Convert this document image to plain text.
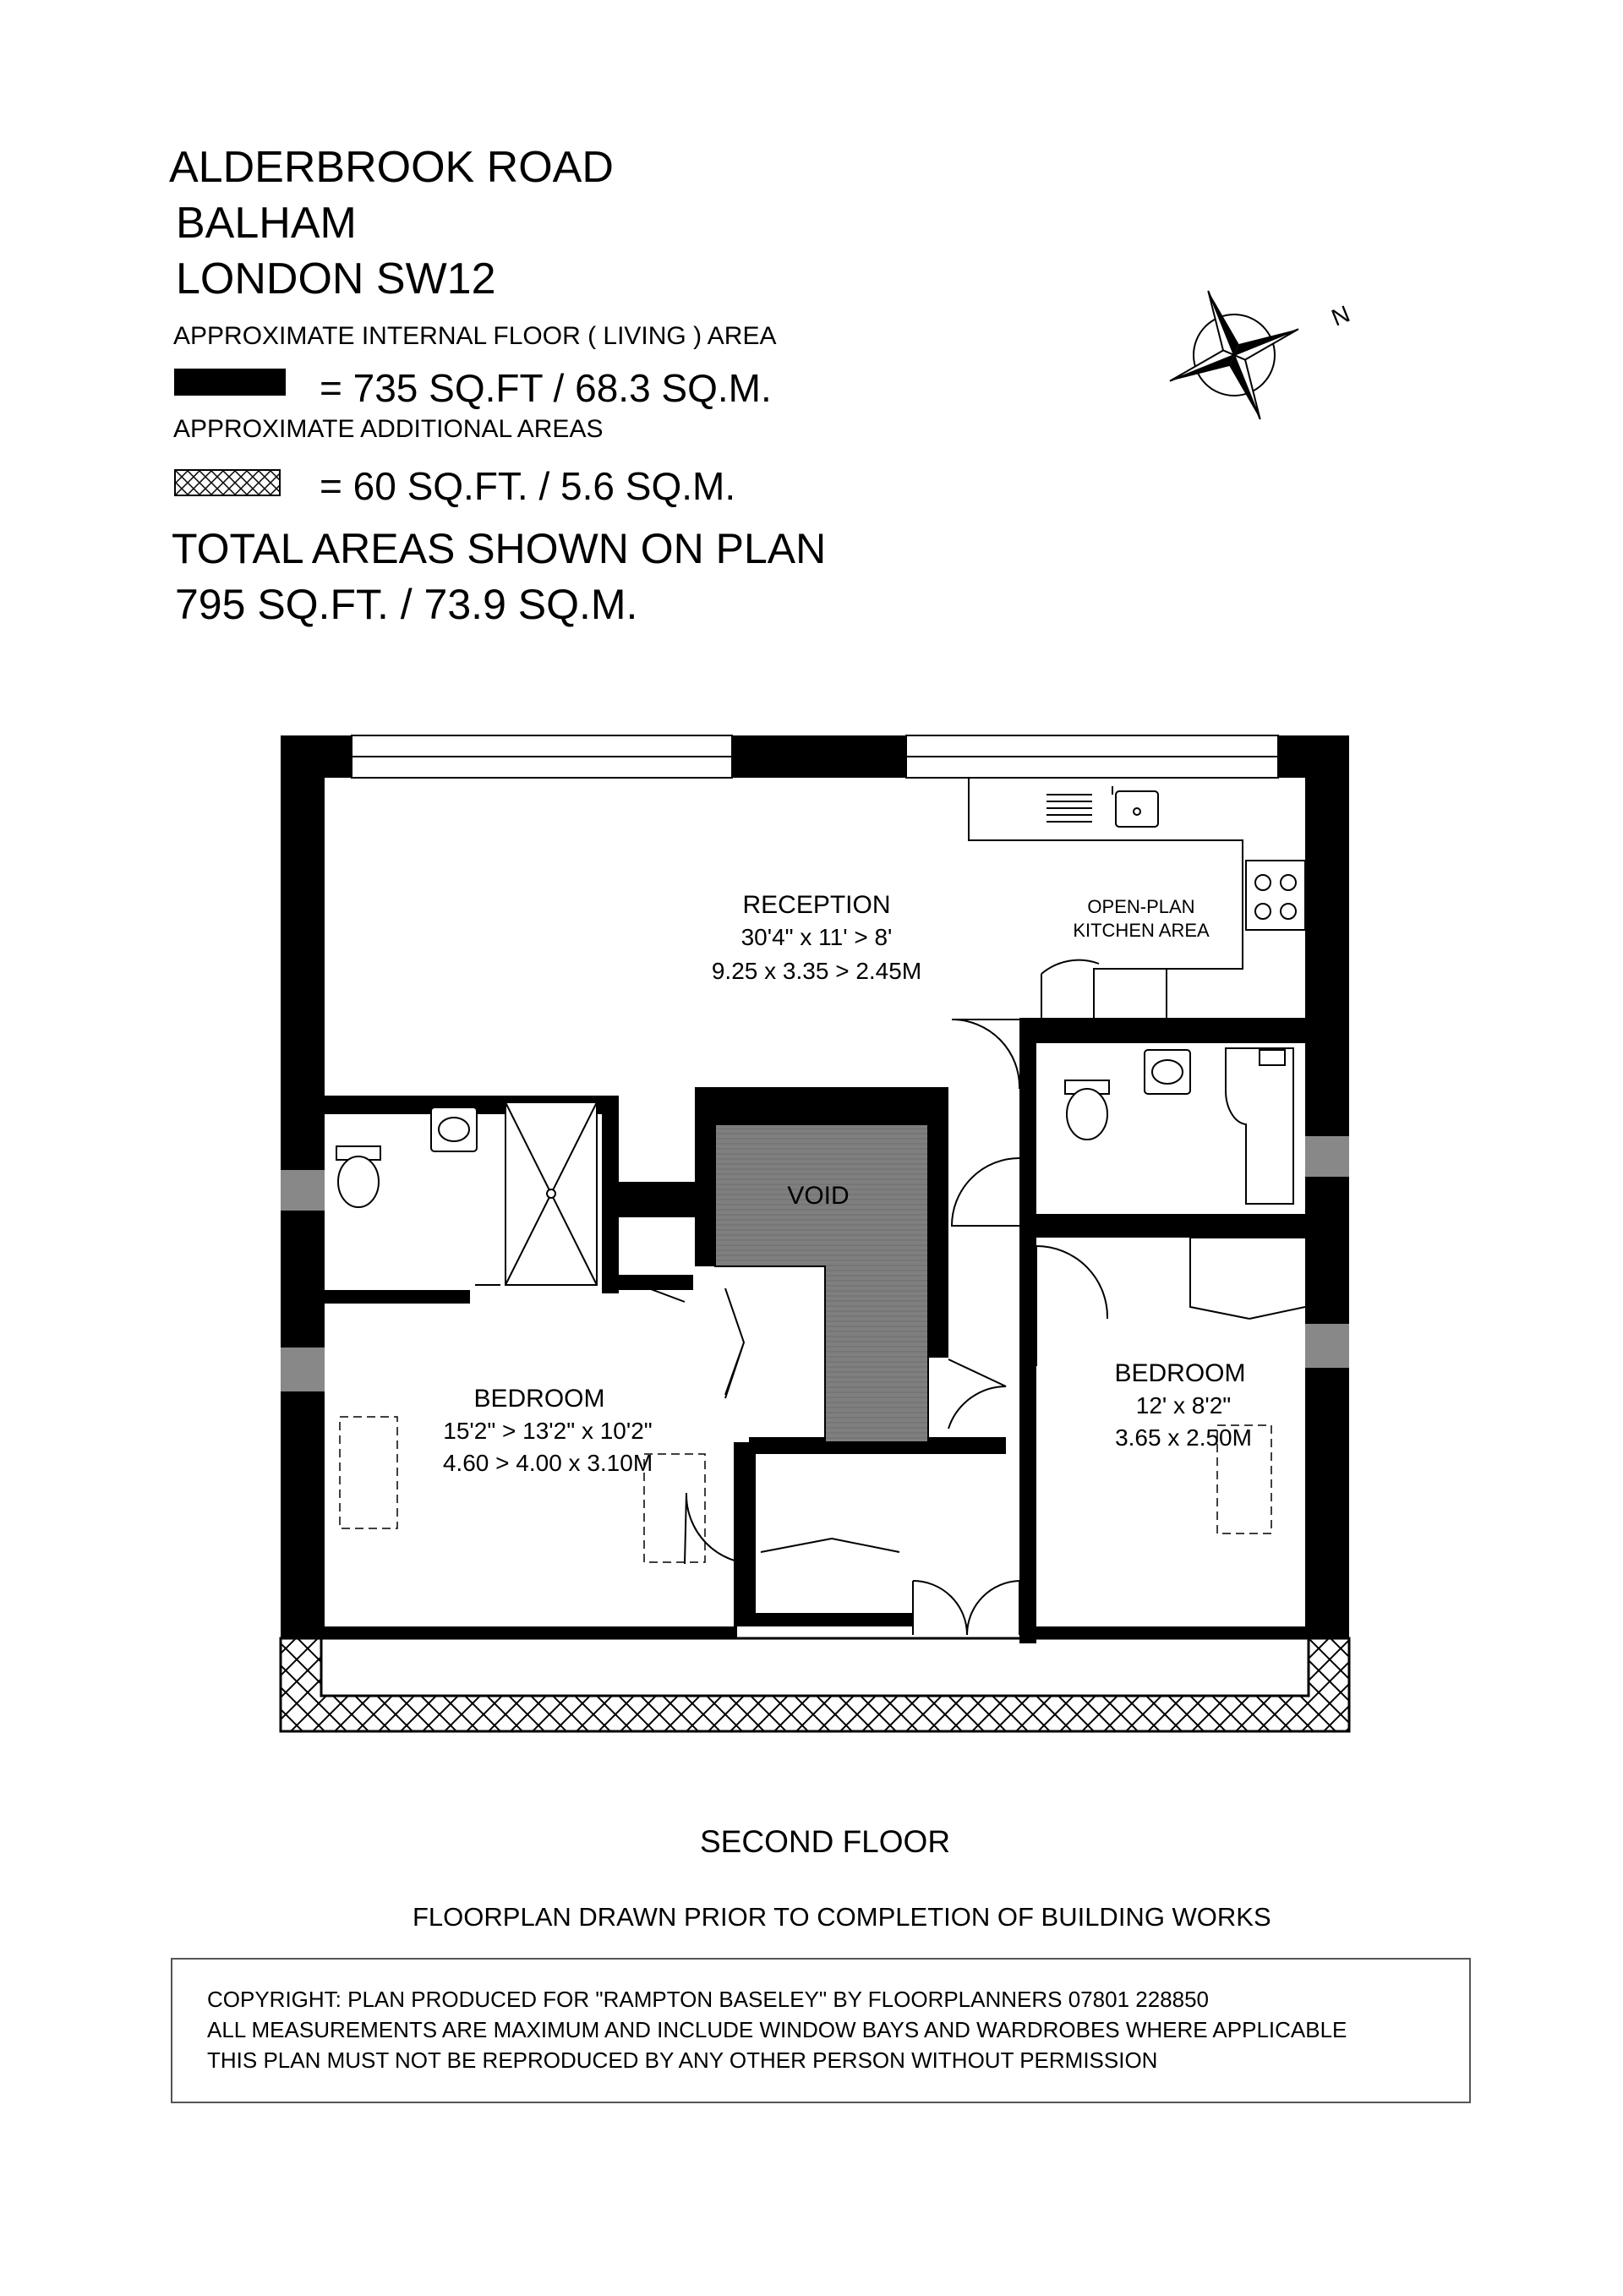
ALDERBROOK ROAD
BALHAM
LONDON SW12
APPROXIMATE INTERNAL FLOOR ( LIVING ) AREA
= 735 SQ.FT / 68.3 SQ.M.
APPROXIMATE ADDITIONAL AREAS
= 60 SQ.FT. / 5.6 SQ.M.
TOTAL AREAS SHOWN ON PLAN
795 SQ.FT. / 73.9 SQ.M.
N
RECEPTION
30'4" x 11' > 8'
9.25 x 3.35 > 2.45M
OPEN-PLAN
KITCHEN AREA
VOID
BEDROOM
15'2" > 13'2" x 10'2"
4.60 > 4.00 x 3.10M
BEDROOM
12' x 8'2"
3.65 x 2.50M
SECOND FLOOR
FLOORPLAN DRAWN PRIOR TO COMPLETION OF BUILDING WORKS
COPYRIGHT: PLAN PRODUCED FOR "RAMPTON BASELEY" BY FLOORPLANNERS 07801 228850
ALL MEASUREMENTS ARE MAXIMUM AND INCLUDE WINDOW BAYS AND WARDROBES WHERE APPLICABLE
THIS PLAN MUST NOT BE REPRODUCED BY ANY OTHER PERSON WITHOUT PERMISSION
